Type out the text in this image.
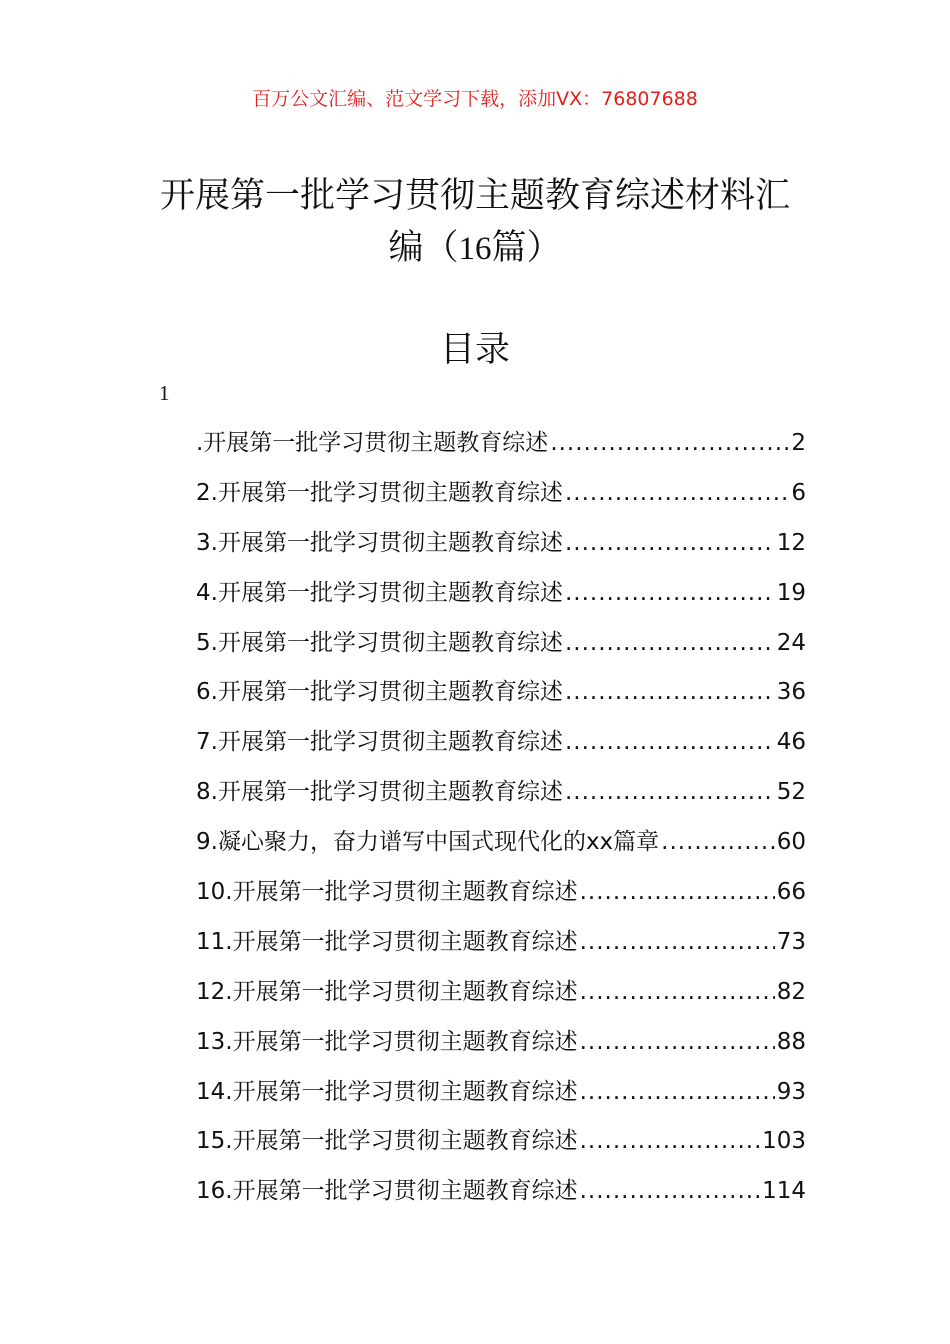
百万公文汇编、范文学习下载，添加VX：76807688
开展第一批学习贯彻主题教育综述材料汇
编（16篇）
目录
1
.开展第一批学习贯彻主题教育综述 .....	2
2.开展第一批学习贯彻主题教育综述 .....	6
3.开展第一批学习贯彻主题教育综述 .....	12
4.开展第一批学习贯彻主题教育综述 .....	19
5.开展第一批学习贯彻主题教育综述 .....	24
6.开展第一批学习贯彻主题教育综述 .....	36
7.开展第一批学习贯彻主题教育综述 .....	46
8.开展第一批学习贯彻主题教育综述 .....	52
9.凝心聚力，奋力谱写中国式现代化的xx篇章 .....	60
10.开展第一批学习贯彻主题教育综述 .....	66
11.开展第一批学习贯彻主题教育综述 .....	73
12.开展第一批学习贯彻主题教育综述 .....	82
13.开展第一批学习贯彻主题教育综述 .....	88
14.开展第一批学习贯彻主题教育综述 .....	93
15.开展第一批学习贯彻主题教育综述 .....	103
16.开展第一批学习贯彻主题教育综述 .....	114
